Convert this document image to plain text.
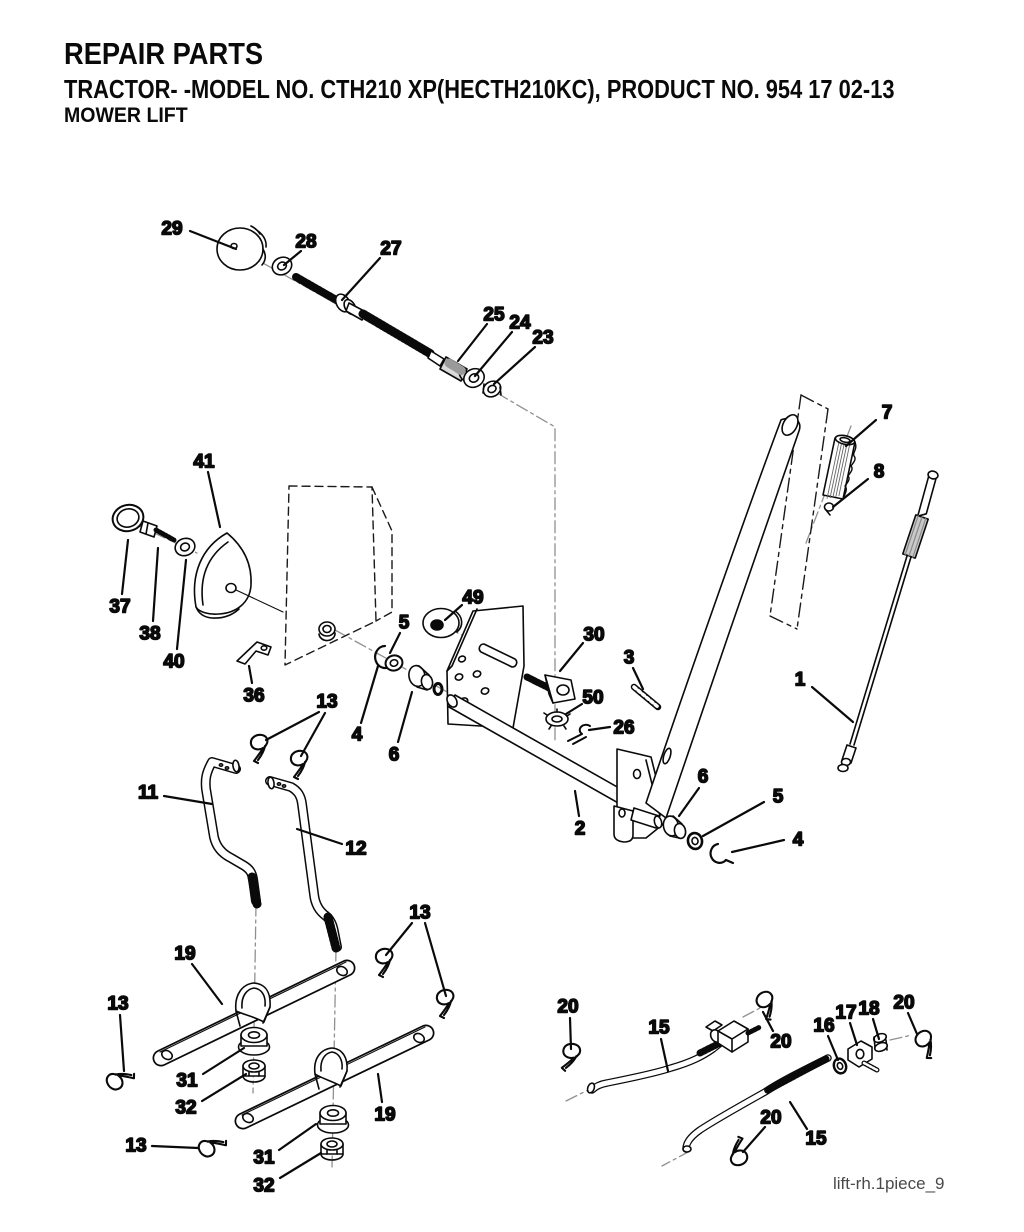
REPAIR PARTS
TRACTOR- -MODEL NO. CTH210 XP(HECTH210KC), PRODUCT NO. 954 17 02-13
MOWER LIFT
29
28	27
25 24
23
7
8
41
37
38
40
36
49
5
30
3
50
26
4
6
13
11
12
2
6
5
4
1
19
13
13
31
32	19
13
31
32
20
15
20
16
17 18 20
20
15
lift-rh.1piece_9
